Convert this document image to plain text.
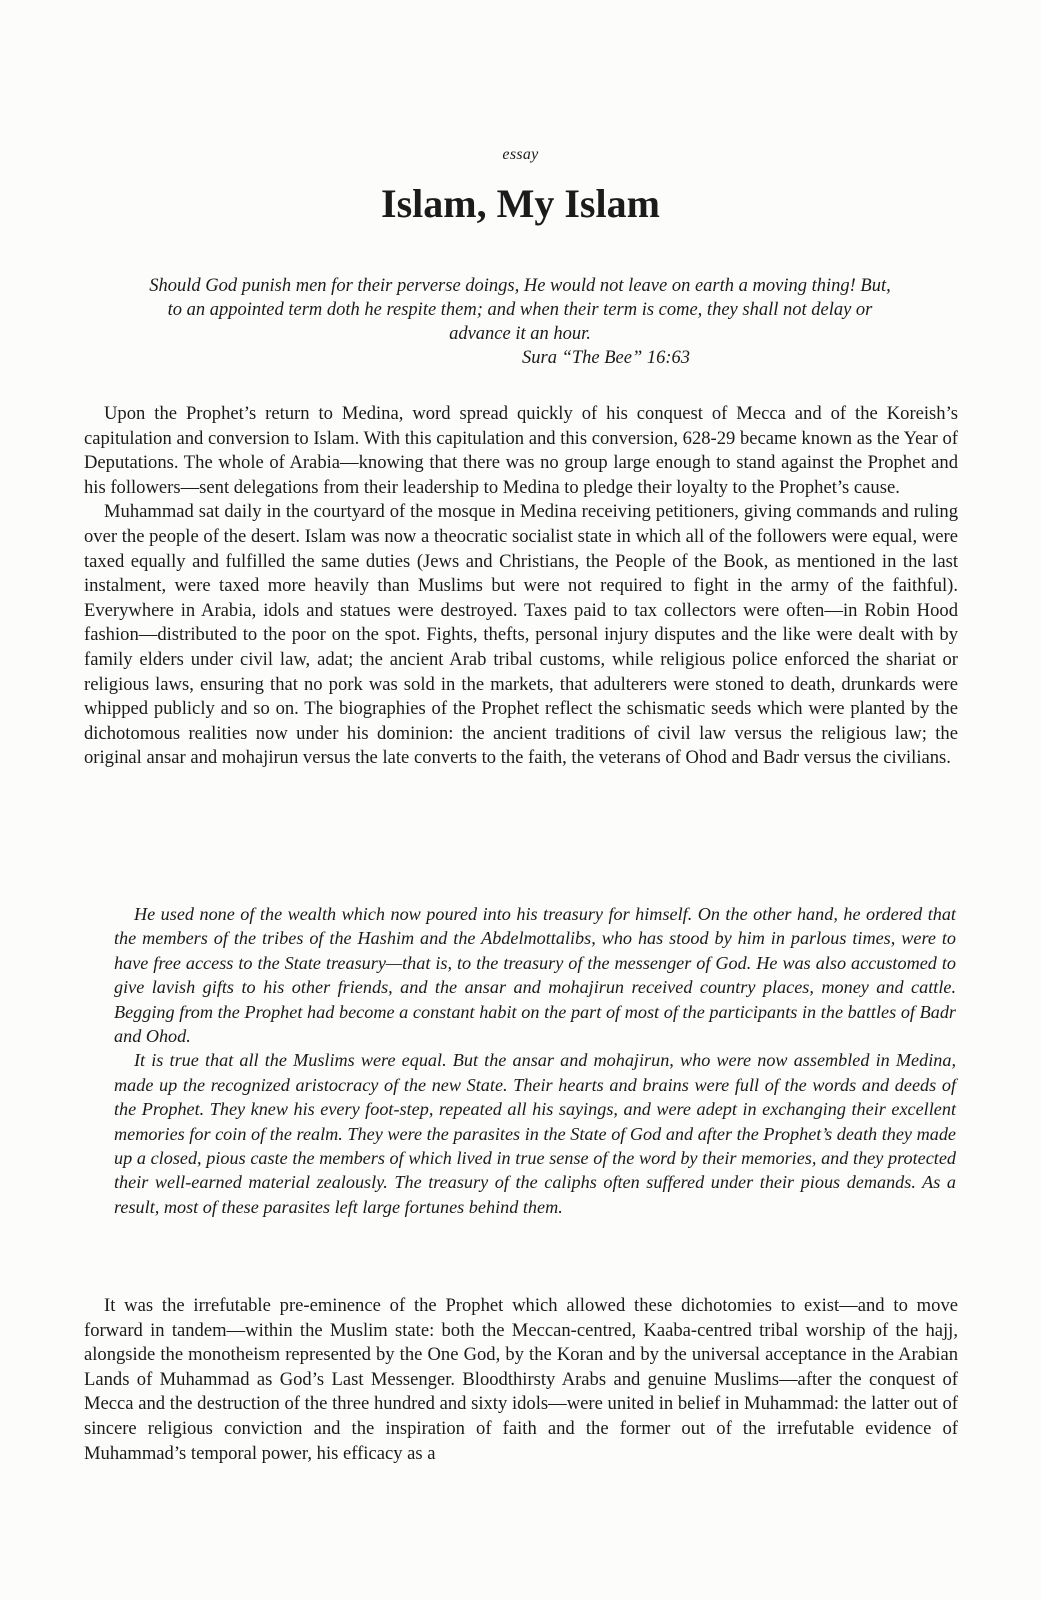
essay
Islam, My Islam
Should God punish men for their perverse doings, He would not leave on earth a moving thing! But, to an appointed term doth he respite them; and when their term is come, they shall not delay or advance it an hour.
Sura “The Bee” 16:63

Upon the Prophet’s return to Medina, word spread quickly of his conquest of Mecca and of the Koreish’s capitulation and conversion to Islam. With this capitulation and this conversion, 628-29 became known as the Year of Deputations. The whole of Arabia—knowing that there was no group large enough to stand against the Prophet and his followers—sent delegations from their leadership to Medina to pledge their loyalty to the Prophet’s cause.

Muhammad sat daily in the courtyard of the mosque in Medina receiving petitioners, giving commands and ruling over the people of the desert. Islam was now a theocratic socialist state in which all of the followers were equal, were taxed equally and fulfilled the same duties (Jews and Christians, the People of the Book, as mentioned in the last instalment, were taxed more heavily than Muslims but were not required to fight in the army of the faithful). Everywhere in Arabia, idols and statues were destroyed. Taxes paid to tax collectors were often—in Robin Hood fashion—distributed to the poor on the spot. Fights, thefts, personal injury disputes and the like were dealt with by family elders under civil law, adat; the ancient Arab tribal customs, while religious police enforced the shariat or religious laws, ensuring that no pork was sold in the markets, that adulterers were stoned to death, drunkards were whipped publicly and so on. The biographies of the Prophet reflect the schismatic seeds which were planted by the dichotomous realities now under his dominion: the ancient traditions of civil law versus the religious law; the original ansar and mohajirun versus the late converts to the faith, the veterans of Ohod and Badr versus the civilians.

He used none of the wealth which now poured into his treasury for himself. On the other hand, he ordered that the members of the tribes of the Hashim and the Abdelmottalibs, who has stood by him in parlous times, were to have free access to the State treasury—that is, to the treasury of the messenger of God. He was also accustomed to give lavish gifts to his other friends, and the ansar and mohajirun received country places, money and cattle. Begging from the Prophet had become a constant habit on the part of most of the participants in the battles of Badr and Ohod.

It is true that all the Muslims were equal. But the ansar and mohajirun, who were now assembled in Medina, made up the recognized aristocracy of the new State. Their hearts and brains were full of the words and deeds of the Prophet. They knew his every foot-step, repeated all his sayings, and were adept in exchanging their excellent memories for coin of the realm. They were the parasites in the State of God and after the Prophet’s death they made up a closed, pious caste the members of which lived in true sense of the word by their memories, and they protected their well-earned material zealously. The treasury of the caliphs often suffered under their pious demands. As a result, most of these parasites left large fortunes behind them.

It was the irrefutable pre-eminence of the Prophet which allowed these dichotomies to exist—and to move forward in tandem—within the Muslim state: both the Meccan-centred, Kaaba-centred tribal worship of the hajj, alongside the monotheism represented by the One God, by the Koran and by the universal acceptance in the Arabian Lands of Muhammad as God’s Last Messenger. Bloodthirsty Arabs and genuine Muslims—after the conquest of Mecca and the destruction of the three hundred and sixty idols—were united in belief in Muhammad: the latter out of sincere religious conviction and the inspiration of faith and the former out of the irrefutable evidence of Muhammad’s temporal power, his efficacy as a
